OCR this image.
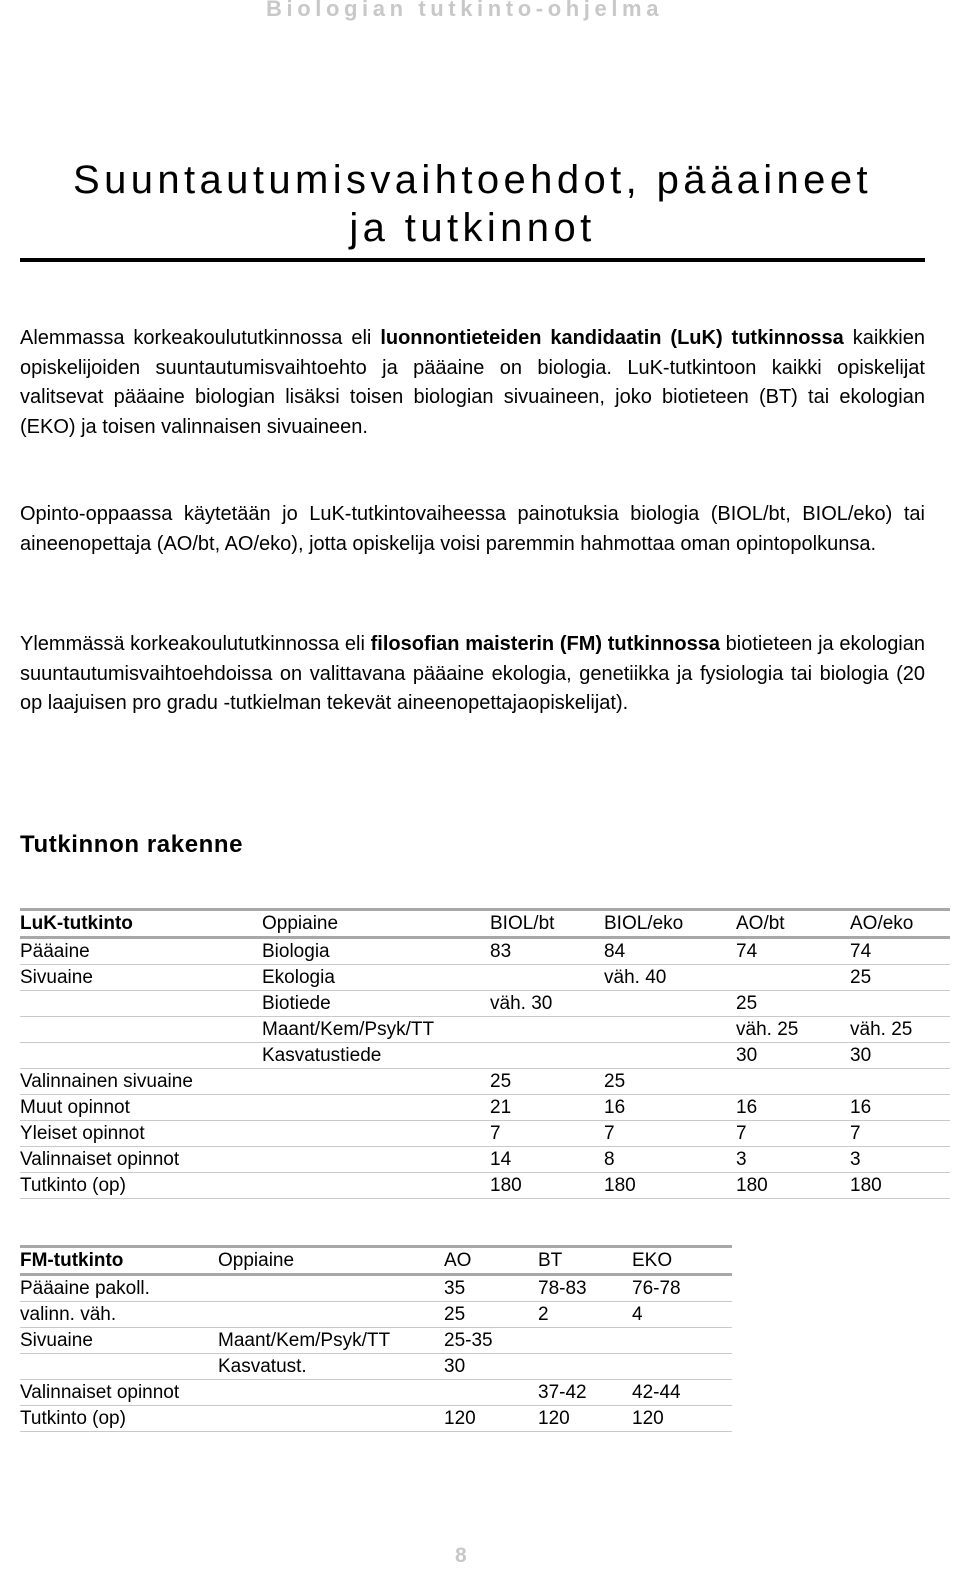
Biologian tutkinto-ohjelma
Suuntautumisvaihtoehdot, pääaineet
ja tutkinnot

Alemmassa korkeakoulututkinnossa eli luonnontieteiden kandidaatin (LuK) tutkinnossa kaikkien opiskelijoiden suuntautumisvaihtoehto ja pääaine on biologia. LuK-tutkintoon kaikki opiskelijat valitsevat pääaine biologian lisäksi toisen biologian sivuaineen, joko biotieteen (BT) tai ekologian (EKO) ja toisen valinnaisen sivuaineen.

Opinto-oppaassa käytetään jo LuK-tutkintovaiheessa painotuksia biologia (BIOL/bt, BIOL/eko) tai aineenopettaja (AO/bt, AO/eko), jotta opiskelija voisi paremmin hahmottaa oman opintopolkunsa.

Ylemmässä korkeakoulututkinnossa eli filosofian maisterin (FM) tutkinnossa biotieteen ja ekologian suuntautumisvaihtoehdoissa on valittavana pääaine ekologia, genetiikka ja fysiologia tai biologia (20 op laajuisen pro gradu -tutkielman tekevät aineenopettajaopiskelijat).

Tutkinnon rakenne
LuK-tutkinto	Oppiaine	BIOL/bt	BIOL/eko	AO/bt	AO/eko
Pääaine	Biologia	83	84	74	74
Sivuaine	Ekologia		väh. 40		25
	Biotiede	väh. 30		25	
	Maant/Kem/Psyk/TT			väh. 25	väh. 25
	Kasvatustiede			30	30
Valinnainen sivuaine		25	25		
Muut opinnot		21	16	16	16
Yleiset opinnot		7	7	7	7
Valinnaiset opinnot		14	8	3	3
Tutkinto (op)		180	180	180	180
FM-tutkinto	Oppiaine	AO	BT	EKO
Pääaine pakoll.		35	78-83	76-78
valinn. väh.		25	2	4
Sivuaine	Maant/Kem/Psyk/TT	25-35		
	Kasvatust.	30		
Valinnaiset opinnot			37-42	42-44
Tutkinto (op)		120	120	120
8
